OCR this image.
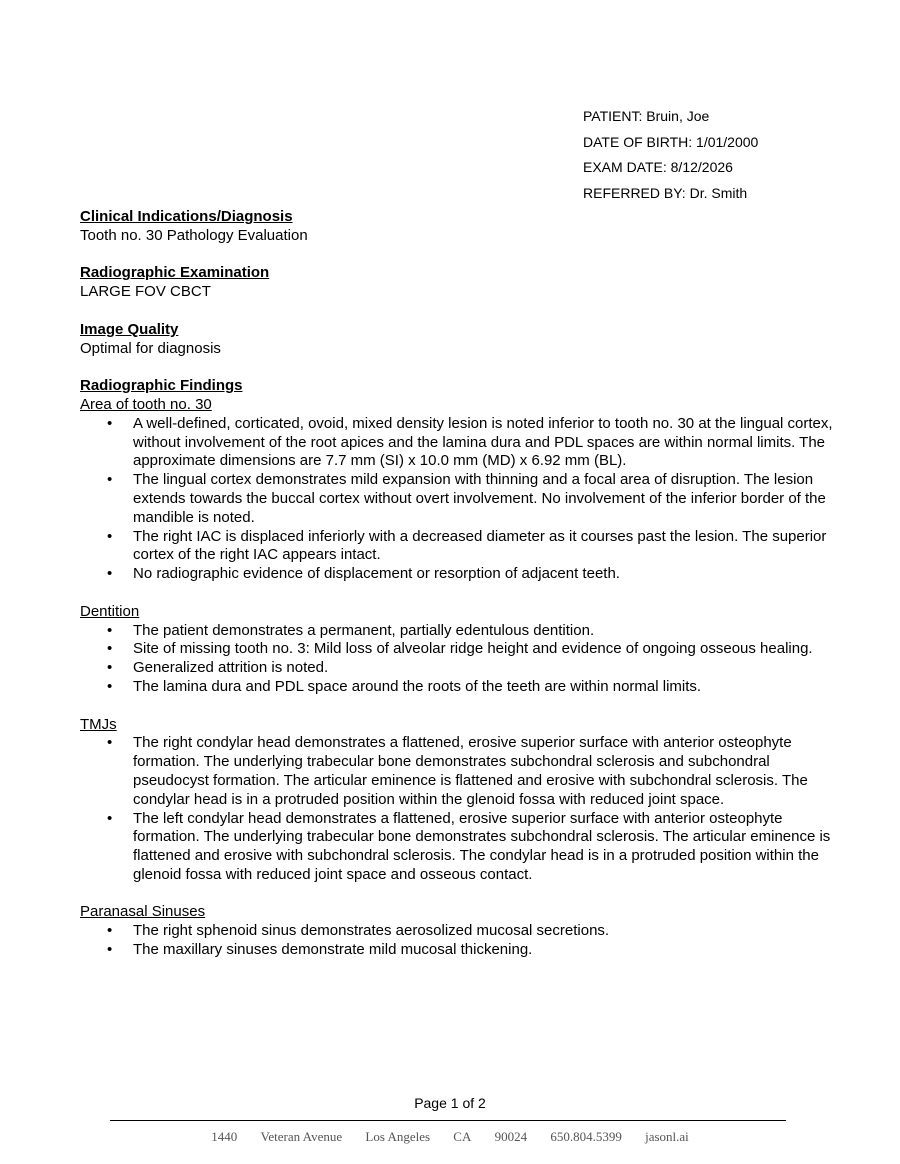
PATIENT: Bruin, Joe
DATE OF BIRTH: 1/01/2000
EXAM DATE: 8/12/2026
REFERRED BY: Dr. Smith
Clinical Indications/Diagnosis
Tooth no. 30 Pathology Evaluation
Radiographic Examination
LARGE FOV CBCT
Image Quality
Optimal for diagnosis
Radiographic Findings
Area of tooth no. 30
• A well-defined, corticated, ovoid, mixed density lesion is noted inferior to tooth no. 30 at the lingual cortex, without involvement of the root apices and the lamina dura and PDL spaces are within normal limits. The approximate dimensions are 7.7 mm (SI) x 10.0 mm (MD) x 6.92 mm (BL).
• The lingual cortex demonstrates mild expansion with thinning and a focal area of disruption. The lesion extends towards the buccal cortex without overt involvement. No involvement of the inferior border of the mandible is noted.
• The right IAC is displaced inferiorly with a decreased diameter as it courses past the lesion. The superior cortex of the right IAC appears intact.
• No radiographic evidence of displacement or resorption of adjacent teeth.
Dentition
• The patient demonstrates a permanent, partially edentulous dentition.
• Site of missing tooth no. 3: Mild loss of alveolar ridge height and evidence of ongoing osseous healing.
• Generalized attrition is noted.
• The lamina dura and PDL space around the roots of the teeth are within normal limits.
TMJs
• The right condylar head demonstrates a flattened, erosive superior surface with anterior osteophyte formation. The underlying trabecular bone demonstrates subchondral sclerosis and subchondral pseudocyst formation. The articular eminence is flattened and erosive with subchondral sclerosis. The condylar head is in a protruded position within the glenoid fossa with reduced joint space.
• The left condylar head demonstrates a flattened, erosive superior surface with anterior osteophyte formation. The underlying trabecular bone demonstrates subchondral sclerosis. The articular eminence is flattened and erosive with subchondral sclerosis. The condylar head is in a protruded position within the glenoid fossa with reduced joint space and osseous contact.
Paranasal Sinuses
• The right sphenoid sinus demonstrates aerosolized mucosal secretions.
• The maxillary sinuses demonstrate mild mucosal thickening.
Page 1 of 2
1440 Veteran Avenue Los Angeles CA 90024 650.804.5399 jasonl.ai
